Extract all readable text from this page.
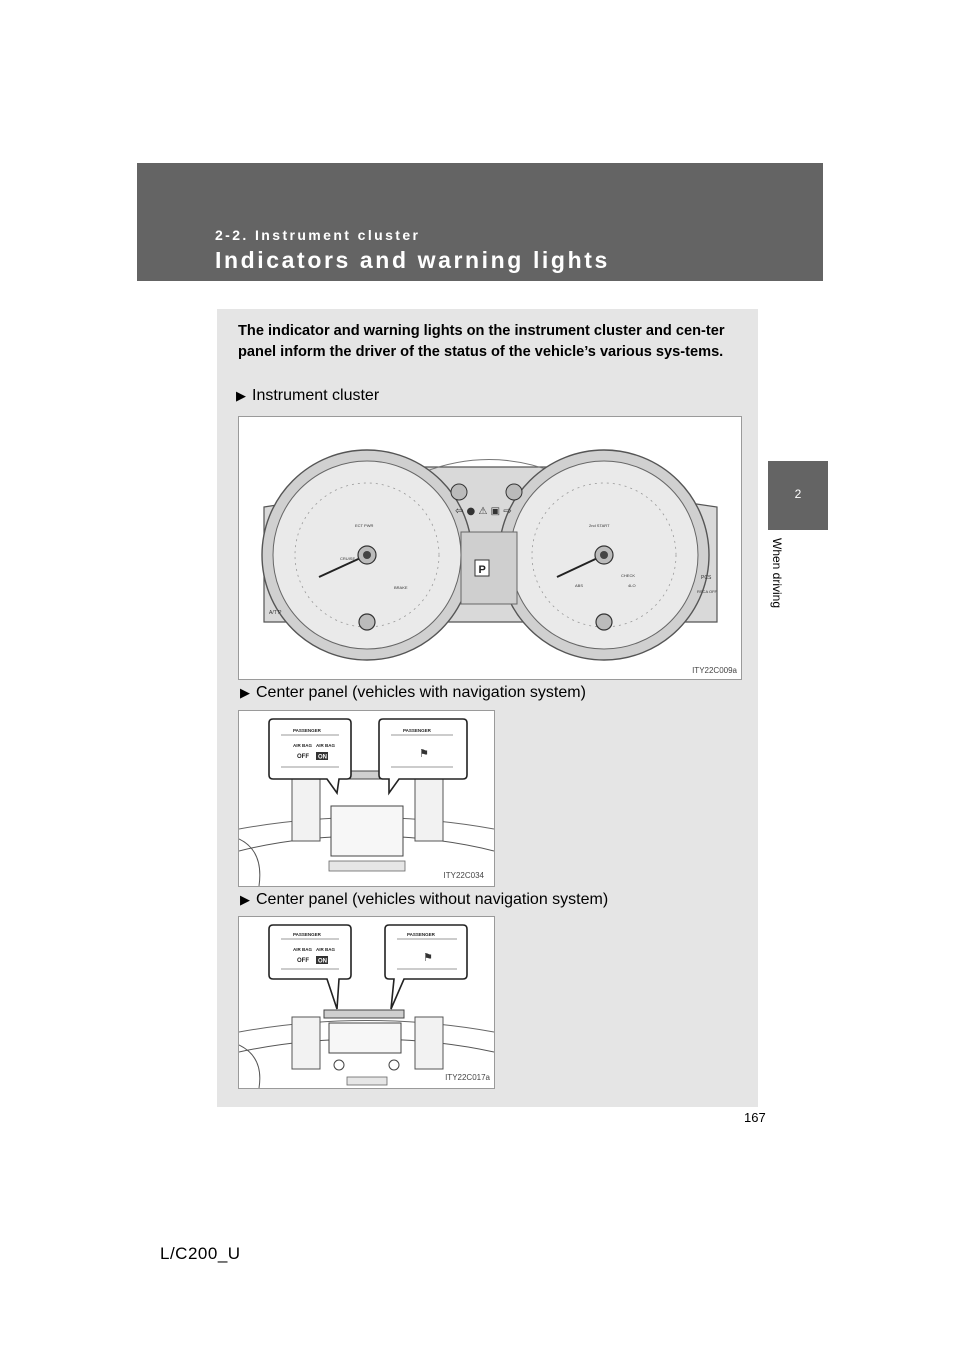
2-2. Instrument cluster
Indicators and warning lights
2
When driving
The indicator and warning lights on the instrument cluster and cen-ter panel inform the driver of the status of the vehicle’s various sys-tems.
▶ Instrument cluster
⇦ ● ⚠ ▣ ⇨
P
ECT PWR
CRUISE
BRAKE
A/T P
2nd START
ABS
CHECK
4LO
PCS
RSCA OFF
ITY22C009a
▶ Center panel (vehicles with navigation system)
PASSENGER
AIR BAG AIR BAG
OFF ON
PASSENGER
⚑
ITY22C034
▶ Center panel (vehicles without navigation system)
PASSENGER
AIR BAG AIR BAG
OFF ON
PASSENGER
⚑
ITY22C017a
167
L/C200_U
